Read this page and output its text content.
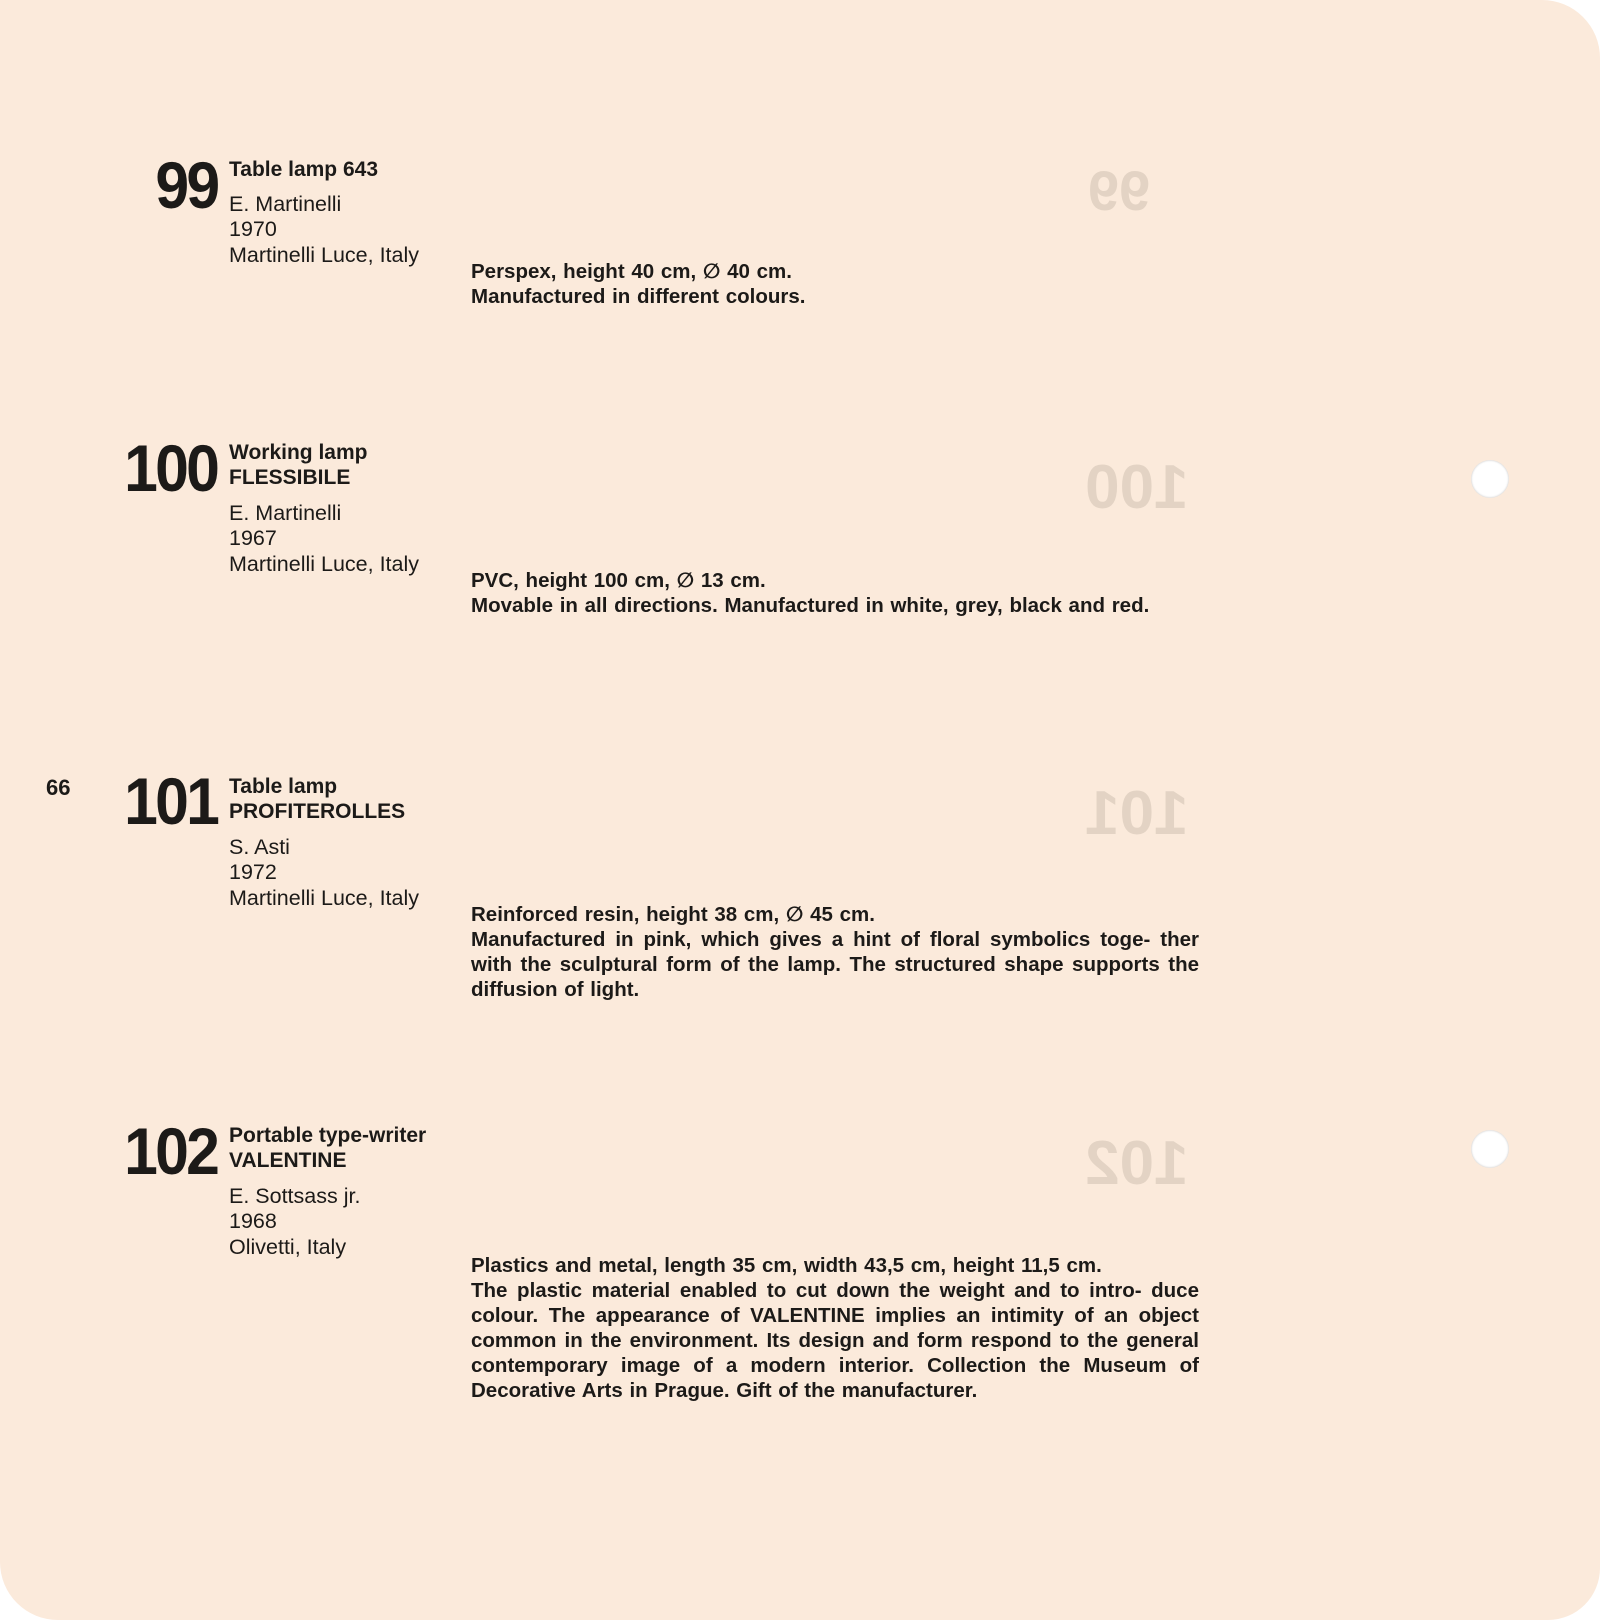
99
100
101
102
66
99 Table lamp 643
E. Martinelli
1970
Martinelli Luce, Italy

Perspex, height 40 cm, ∅ 40 cm.

Manufactured in different colours.

100 Working lamp
FLESSIBILE
E. Martinelli
1967
Martinelli Luce, Italy

PVC, height 100 cm, ∅ 13 cm.

Movable in all directions. Manufactured in white, grey, black and red.

101 Table lamp
PROFITEROLLES
S. Asti
1972
Martinelli Luce, Italy

Reinforced resin, height 38 cm, ∅ 45 cm.

Manufactured in pink, which gives a hint of floral symbolics toge- ther with the sculptural form of the lamp. The structured shape supports the diffusion of light.

102 Portable type-writer
VALENTINE
E. Sottsass jr.
1968
Olivetti, Italy

Plastics and metal, length 35 cm, width 43,5 cm, height 11,5 cm.

The plastic material enabled to cut down the weight and to intro- duce colour. The appearance of VALENTINE implies an intimity of an object common in the environment. Its design and form respond to the general contemporary image of a modern interior. Collection the Museum of Decorative Arts in Prague. Gift of the manufacturer.
